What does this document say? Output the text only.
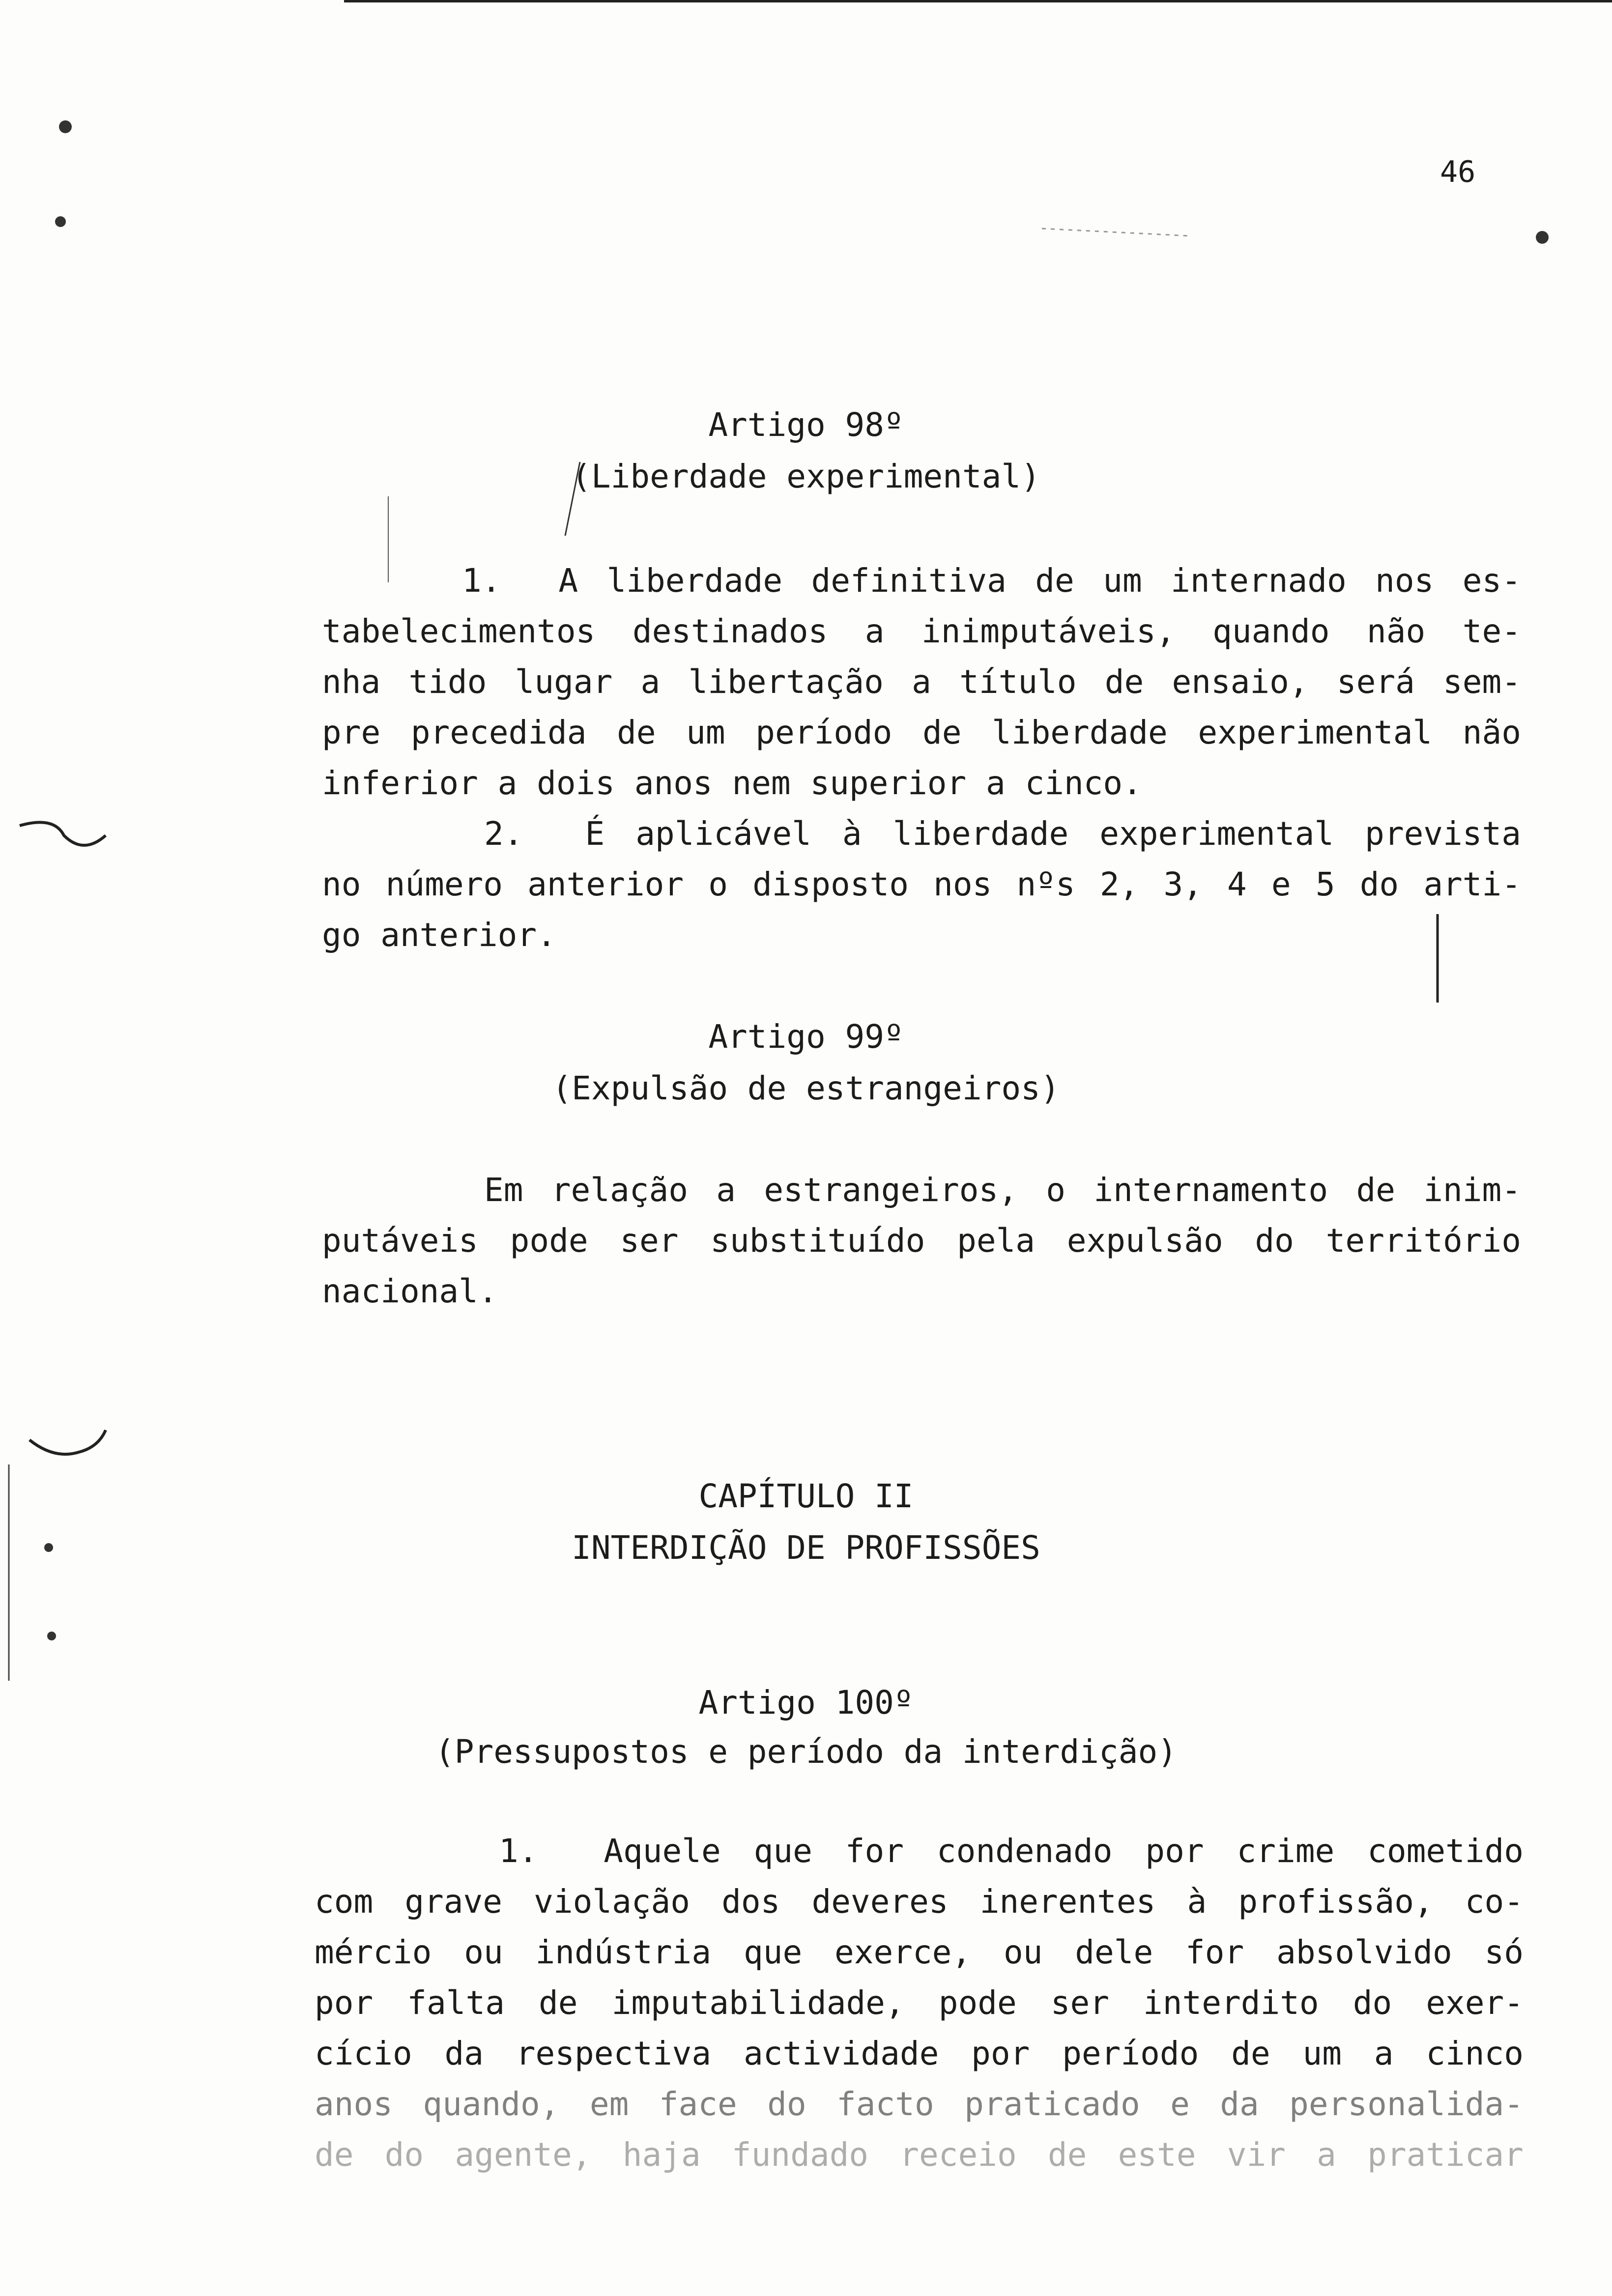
46
Artigo 98º
(Liberdade experimental)
1.  A liberdade definitiva de um internado nos es-
tabelecimentos destinados a inimputáveis, quando não te-
nha tido lugar a libertação a título de ensaio, será sem-
pre precedida de um período de liberdade experimental não
inferior a dois anos nem superior a cinco.
2.  É aplicável à liberdade experimental prevista
no número anterior o disposto nos nºs 2, 3, 4 e 5 do arti-
go anterior.
Artigo 99º
(Expulsão de estrangeiros)
Em relação a estrangeiros, o internamento de inim-
putáveis pode ser substituído pela expulsão do território
nacional.
CAPÍTULO II
INTERDIÇÃO DE PROFISSÕES
Artigo 100º
(Pressupostos e período da interdição)
1.  Aquele que for condenado por crime cometido
com grave violação dos deveres inerentes à profissão, co-
mércio ou indústria que exerce, ou dele for absolvido só
por falta de imputabilidade, pode ser interdito do exer-
cício da respectiva actividade por período de um a cinco
anos quando, em face do facto praticado e da personalida-
de do agente, haja fundado receio de este vir a praticar
